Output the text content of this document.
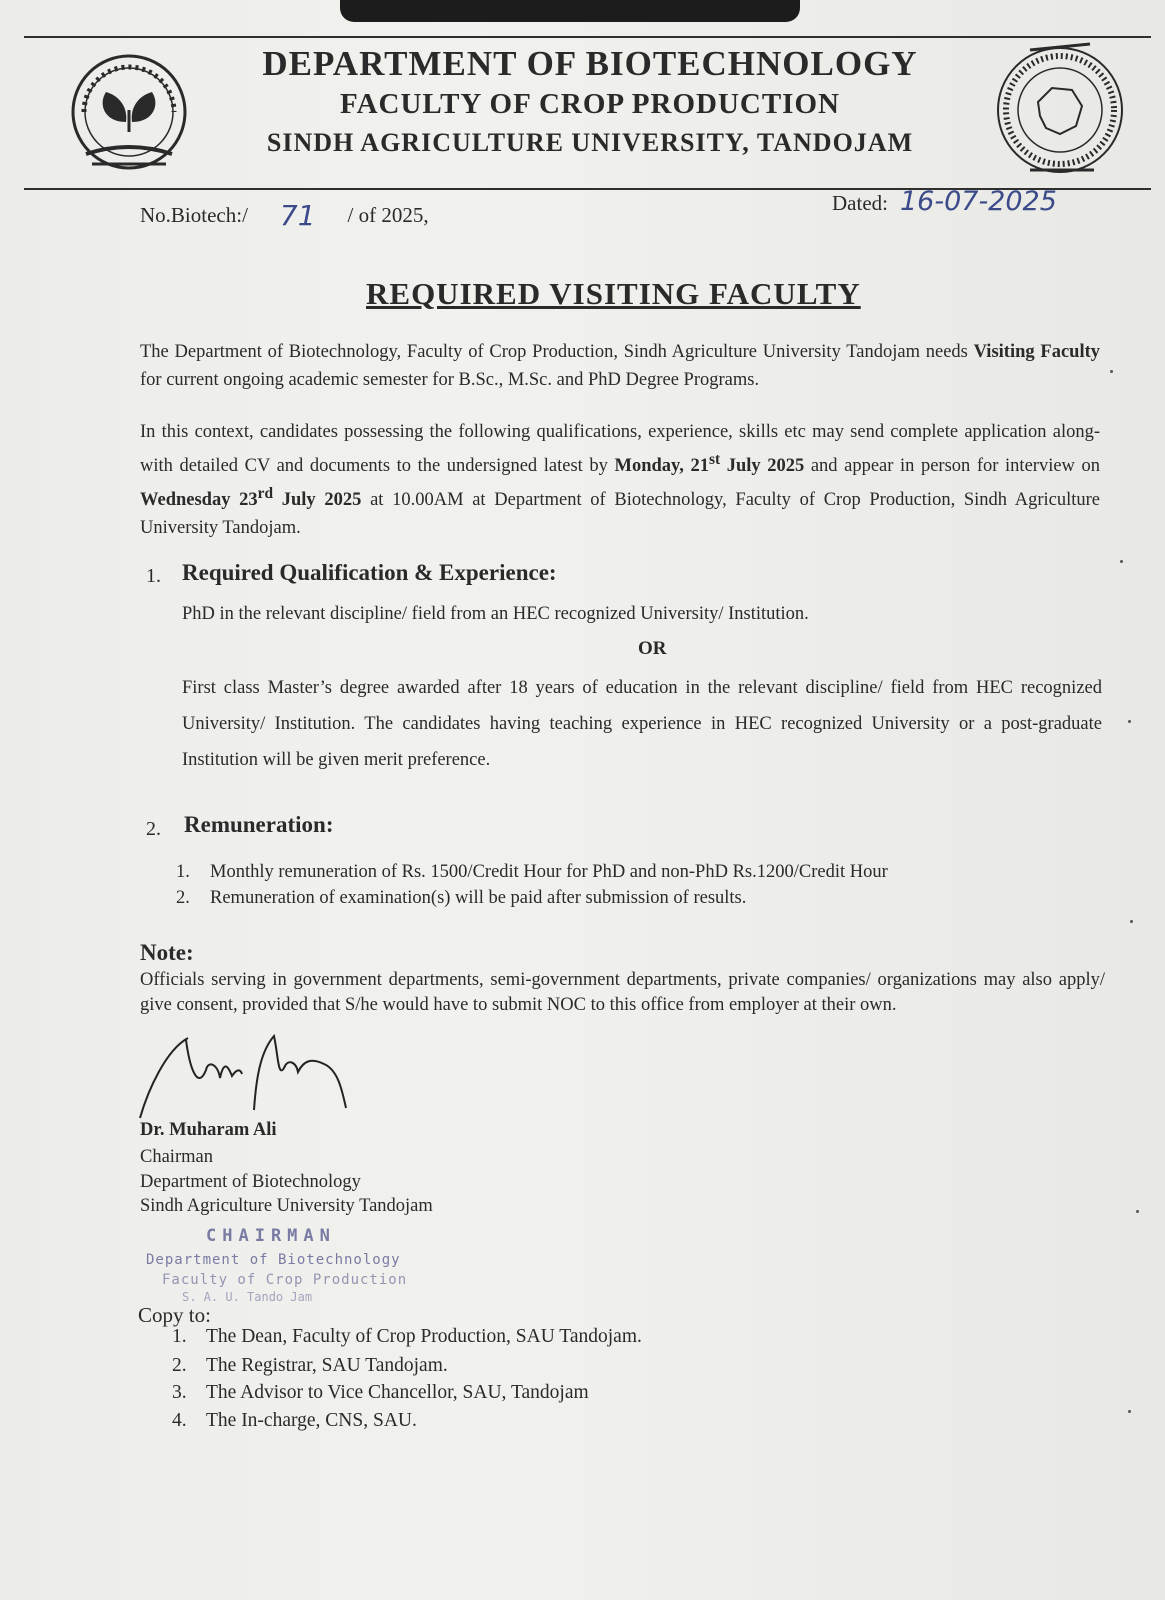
DEPARTMENT OF BIOTECHNOLOGY
FACULTY OF CROP PRODUCTION
SINDH AGRICULTURE UNIVERSITY, TANDOJAM
No.Biotech:/ 71 / of 2025,	Dated: 16-07-2025
REQUIRED VISITING FACULTY
The Department of Biotechnology, Faculty of Crop Production, Sindh Agriculture University Tandojam needs Visiting Faculty for current ongoing academic semester for B.Sc., M.Sc. and PhD Degree Programs.
In this context, candidates possessing the following qualifications, experience, skills etc may send complete application along-with detailed CV and documents to the undersigned latest by Monday, 21st July 2025 and appear in person for interview on Wednesday 23rd July 2025 at 10.00AM at Department of Biotechnology, Faculty of Crop Production, Sindh Agriculture University Tandojam.
1. Required Qualification & Experience:
PhD in the relevant discipline/ field from an HEC recognized University/ Institution.
OR
First class Master’s degree awarded after 18 years of education in the relevant discipline/ field from HEC recognized University/ Institution. The candidates having teaching experience in HEC recognized University or a post-graduate Institution will be given merit preference.
2. Remuneration:
1. Monthly remuneration of Rs. 1500/Credit Hour for PhD and non-PhD Rs.1200/Credit Hour
2. Remuneration of examination(s) will be paid after submission of results.
Note:
Officials serving in government departments, semi-government departments, private companies/ organizations may also apply/ give consent, provided that S/he would have to submit NOC to this office from employer at their own.
Dr. Muharam Ali
Chairman
Department of Biotechnology
Sindh Agriculture University Tandojam
CHAIRMAN
Department of Biotechnology
Faculty of Crop Production
S. A. U. Tando Jam
Copy to:
1. The Dean, Faculty of Crop Production, SAU Tandojam.
2. The Registrar, SAU Tandojam.
3. The Advisor to Vice Chancellor, SAU, Tandojam
4. The In-charge, CNS, SAU.
